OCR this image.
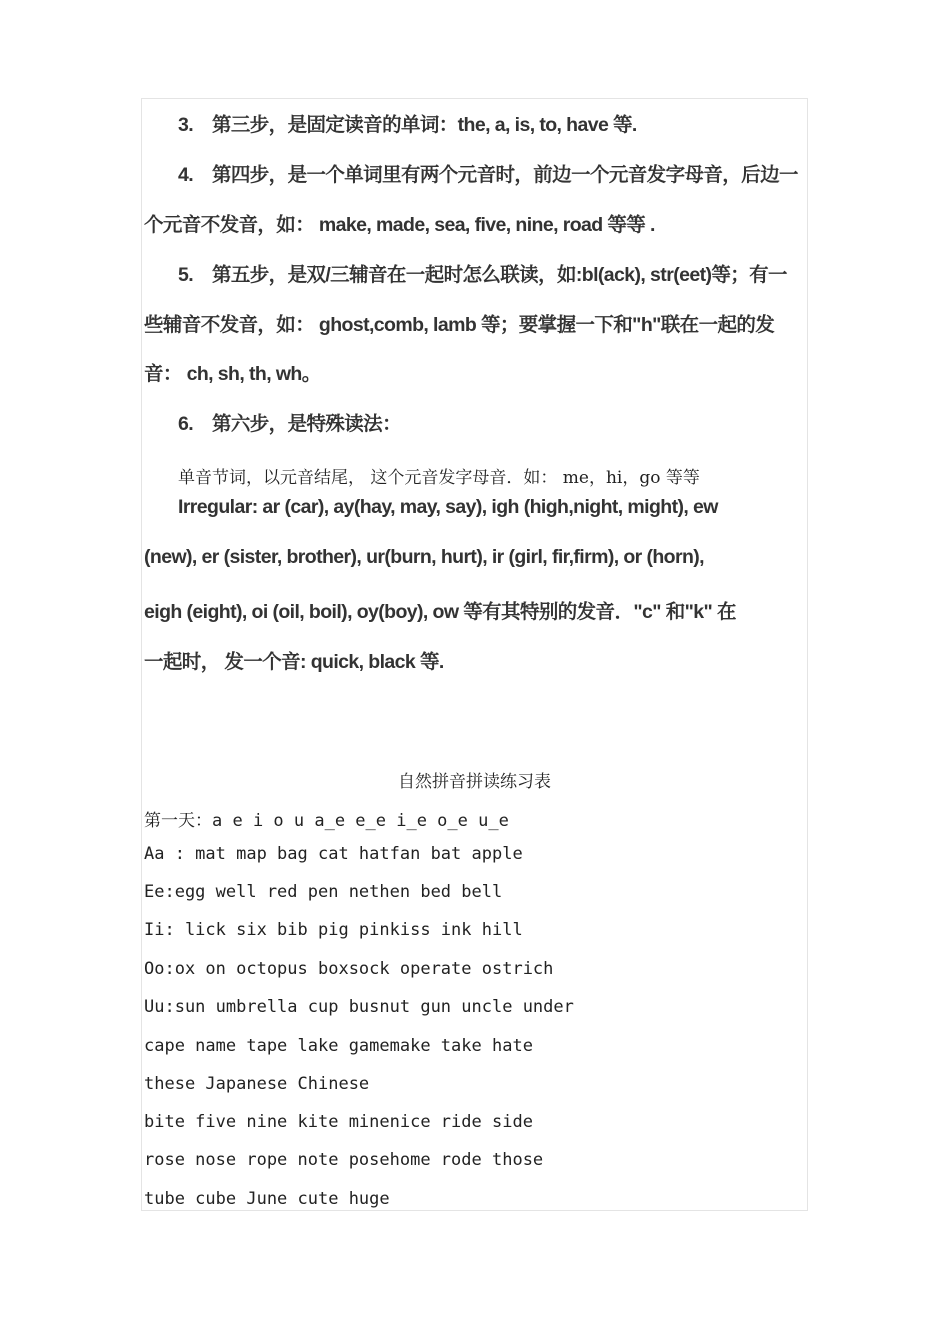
3.　第三步，是固定读音的单词：the, a, is, to, have 等.
4.　第四步，是一个单词里有两个元音时，前边一个元音发字母音，后边一
个元音不发音，如： make, made, sea, five, nine, road 等等 .
5.　第五步，是双/三辅音在一起时怎么联读，如:bl(ack), str(eet)等；有一
些辅音不发音，如： ghost,comb, lamb 等；要掌握一下和"h"联在一起的发
音： ch, sh, th, wh。
6.　第六步，是特殊读法：
单音节词，以元音结尾， 这个元音发字母音．如： me，hi，go 等等
Irregular: ar (car), ay(hay, may, say), igh (high,night, might), ew
(new), er (sister, brother), ur(burn, hurt), ir (girl, fir,firm), or (horn),
eigh (eight), oi (oil, boil), oy(boy), ow 等有其特别的发音．"c" 和"k" 在
一起时， 发一个音: quick, black 等.
自然拼音拼读练习表
第一天：a e i o u a_e e_e i_e o_e u_e
Aa : mat map bag cat hatfan bat apple
Ee:egg well red pen nethen bed bell
Ii: lick six bib pig pinkiss ink hill
Oo:ox on octopus boxsock operate ostrich
Uu:sun umbrella cup busnut gun uncle under
cape name tape lake gamemake take hate
these Japanese Chinese
bite five nine kite minenice ride side
rose nose rope note posehome rode those
tube cube June cute huge
